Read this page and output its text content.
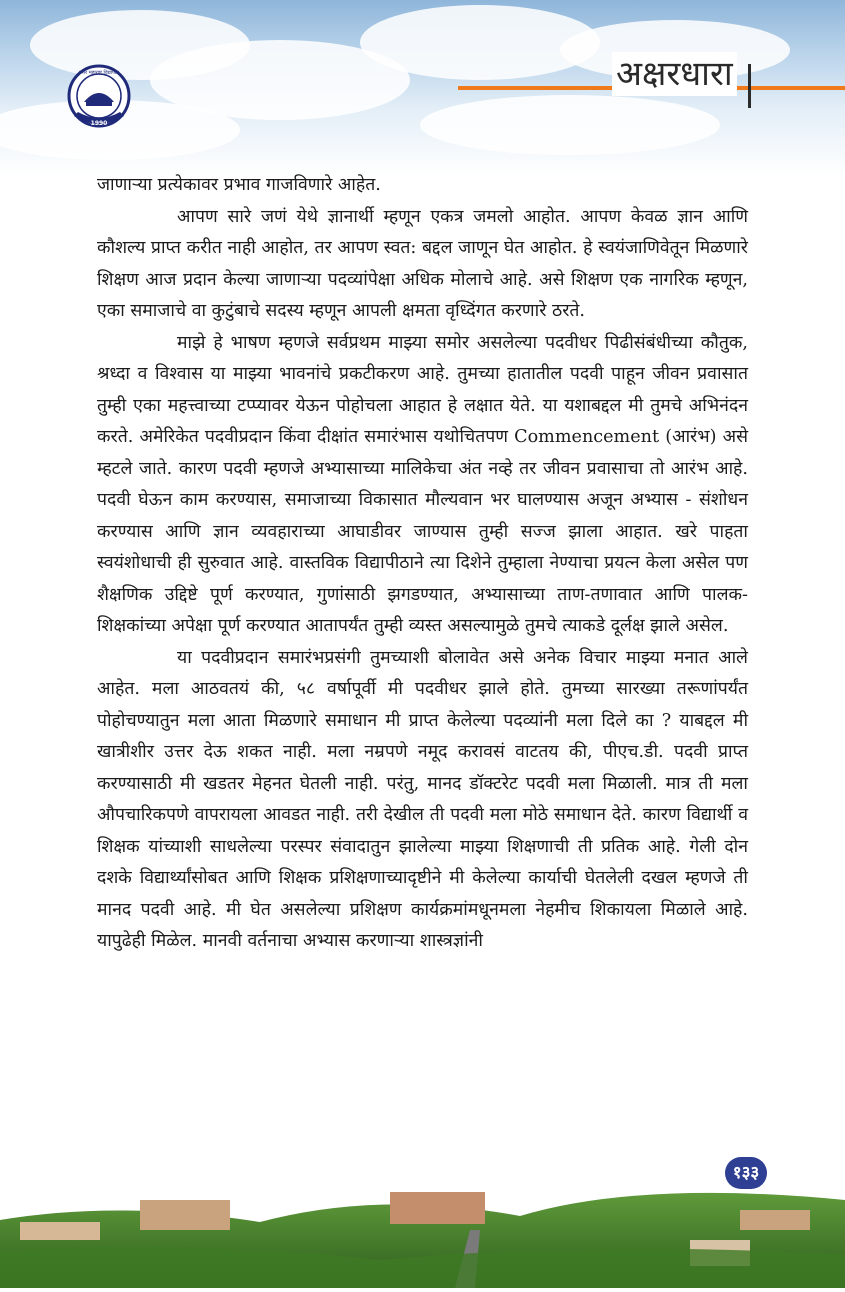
अक्षरधारा
उत्तर महाराष्ट्र विद्यापीठ
1990

जाणाऱ्या प्रत्येकावर प्रभाव गाजविणारे आहेत.

आपण सारे जणं येथे ज्ञानार्थी म्हणून एकत्र जमलो आहोत. आपण केवळ ज्ञान आणि कौशल्य प्राप्त करीत नाही आहोत, तर आपण स्वत: बद्दल जाणून घेत आहोत. हे स्वयंजाणिवेतून मिळणारे शिक्षण आज प्रदान केल्या जाणाऱ्या पदव्यांपेक्षा अधिक मोलाचे आहे. असे शिक्षण एक नागरिक म्हणून, एका समाजाचे वा कुटुंबाचे सदस्य म्हणून आपली क्षमता वृध्दिंगत करणारे ठरते.

माझे हे भाषण म्हणजे सर्वप्रथम माझ्या समोर असलेल्या पदवीधर पिढीसंबंधीच्या कौतुक, श्रध्दा व विश्वास या माझ्या भावनांचे प्रकटीकरण आहे. तुमच्या हातातील पदवी पाहून जीवन प्रवासात तुम्ही एका महत्त्वाच्या टप्प्यावर येऊन पोहोचला आहात हे लक्षात येते. या यशाबद्दल मी तुमचे अभिनंदन करते. अमेरिकेत पदवीप्रदान किंवा दीक्षांत समारंभास यथोचितपण Commencement (आरंभ) असे म्हटले जाते. कारण पदवी म्हणजे अभ्यासाच्या मालिकेचा अंत नव्हे तर जीवन प्रवासाचा तो आरंभ आहे. पदवी घेऊन काम करण्यास, समाजाच्या विकासात मौल्यवान भर घालण्यास अजून अभ्यास - संशोधन करण्यास आणि ज्ञान व्यवहाराच्या आघाडीवर जाण्यास तुम्ही सज्ज झाला आहात. खरे पाहता स्वयंशोधाची ही सुरुवात आहे. वास्तविक विद्यापीठाने त्या दिशेने तुम्हाला नेण्याचा प्रयत्न केला असेल पण शैक्षणिक उद्दिष्टे पूर्ण करण्यात, गुणांसाठी झगडण्यात, अभ्यासाच्या ताण-तणावात आणि पालक-शिक्षकांच्या अपेक्षा पूर्ण करण्यात आतापर्यंत तुम्ही व्यस्त असल्यामुळे तुमचे त्याकडे दूर्लक्ष झाले असेल.

या पदवीप्रदान समारंभप्रसंगी तुमच्याशी बोलावेत असे अनेक विचार माझ्या मनात आले आहेत. मला आठवतयं की, ५८ वर्षापूर्वी मी पदवीधर झाले होते. तुमच्या सारख्या तरूणांपर्यंत पोहोचण्यातुन मला आता मिळणारे समाधान मी प्राप्त केलेल्या पदव्यांनी मला दिले का ? याबद्दल मी खात्रीशीर उत्तर देऊ शकत नाही. मला नम्रपणे नमूद करावसं वाटतय की, पीएच.डी. पदवी प्राप्त करण्यासाठी मी खडतर मेहनत घेतली नाही. परंतु, मानद डॉक्टरेट पदवी मला मिळाली. मात्र ती मला औपचारिकपणे वापरायला आवडत नाही. तरी देखील ती पदवी मला मोठे समाधान देते. कारण विद्यार्थी व शिक्षक यांच्याशी साधलेल्या परस्पर संवादातुन झालेल्या माझ्या शिक्षणाची ती प्रतिक आहे. गेली दोन दशके विद्यार्थ्यांसोबत आणि शिक्षक प्रशिक्षणाच्यादृष्टीने मी केलेल्या कार्याची घेतलेली दखल म्हणजे ती मानद पदवी आहे. मी घेत असलेल्या प्रशिक्षण कार्यक्रमांमधूनमला नेहमीच शिकायला मिळाले आहे. यापुढेही मिळेल. मानवी वर्तनाचा अभ्यास करणाऱ्या शास्त्रज्ञांनी

१३३
